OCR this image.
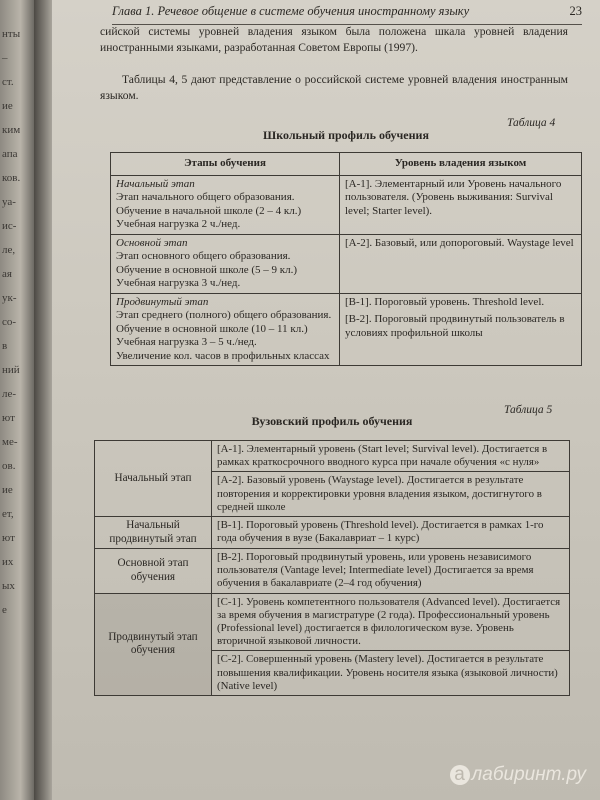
нты
–
ст.
ие
ким
апа
ков.
уа-
ис-
ле,
ая
ук-
со-
в
ний
ле-
ют
ме-
ов.
ие
ет,
ют
их
ых
е
Глава 1. Речевое общение в системе обучения иностранному языку	23
сийской системы уровней владения языком была положена шкала уровней владения иностранными языками, разработанная Советом Европы (1997).
Таблицы 4, 5 дают представление о российской системе уровней владения иностранным языком.
Таблица 4
Школьный профиль обучения
Этапы обучения	Уровень владения языком

Начальный этап
Этап начального общего образования.
Обучение в начальной школе (2 – 4 кл.)
Учебная нагрузка 2 ч./нед.	[A-1]. Элементарный или Уровень начального пользователя. (Уровень выживания: Survival level; Starter level).

Основной этап
Этап основного общего образования.
Обучение в основной школе (5 – 9 кл.)
Учебная нагрузка 3 ч./нед.	[A-2]. Базовый, или допороговый. Waystage level

Продвинутый этап
Этап среднего (полного) общего образования.
Обучение в основной школе (10 – 11 кл.)
Учебная нагрузка 3 – 5 ч./нед.
Увеличение кол. часов в профильных классах	[B-1]. Пороговый уровень. Threshold level.
[B-2]. Пороговый продвинутый пользователь в условиях профильной школы
Таблица 5
Вузовский профиль обучения
Начальный этап	[A-1]. Элементарный уровень (Start level; Survival level). Достигается в рамках краткосрочного вводного курса при начале обучения «с нуля»
	[A-2]. Базовый уровень (Waystage level). Достигается в результате повторения и корректировки уровня владения языком, достигнутого в средней школе
Начальный продвинутый этап	[B-1]. Пороговый уровень (Threshold level). Достигается в рамках 1-го года обучения в вузе (Бакалавриат – 1 курс)
Основной этап обучения	[B-2]. Пороговый продвинутый уровень, или уровень независимого пользователя (Vantage level; Intermediate level) Достигается за время обучения в бакалавриате (2–4 год обучения)
Продвинутый этап обучения	[C-1]. Уровень компетентного пользователя (Advanced level). Достигается за время обучения в магистратуре (2 года). Профессиональный уровень (Professional level) достигается в филологическом вузе. Уровень вторичной языковой личности.
	[C-2]. Совершенный уровень (Mastery level). Достигается в результате повышения квалификации. Уровень носителя языка (языковой личности) (Native level)
а лабиринт.ру
